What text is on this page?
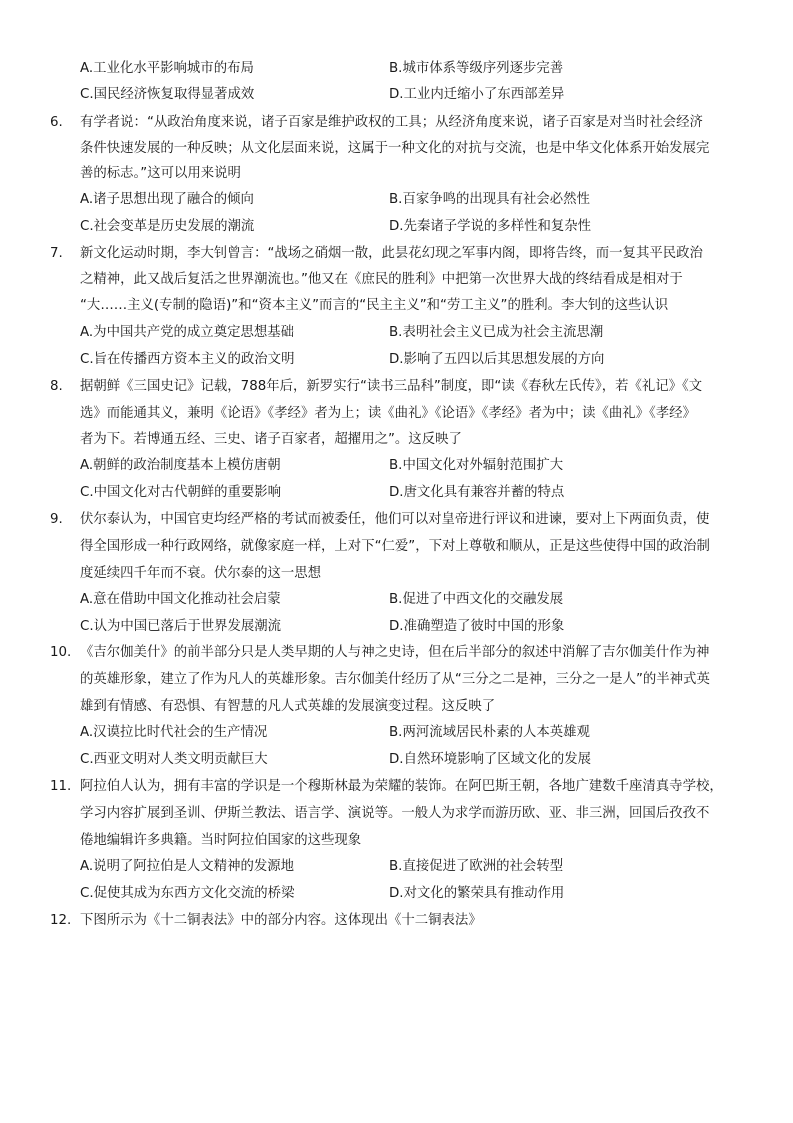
A.工业化水平影响城市的布局	B.城市体系等级序列逐步完善
C.国民经济恢复取得显著成效	D.工业内迁缩小了东西部差异
6. 有学者说：“从政治角度来说，诸子百家是维护政权的工具；从经济角度来说，诸子百家是对当时社会经济
条件快速发展的一种反映；从文化层面来说，这属于一种文化的对抗与交流，也是中华文化体系开始发展完
善的标志。”这可以用来说明
A.诸子思想出现了融合的倾向	B.百家争鸣的出现具有社会必然性
C.社会变革是历史发展的潮流	D.先秦诸子学说的多样性和复杂性
7. 新文化运动时期，李大钊曾言：“战场之硝烟一散，此昙花幻现之军事内阁，即将告终，而一复其平民政治
之精神，此又战后复活之世界潮流也。”他又在《庶民的胜利》中把第一次世界大战的终结看成是相对于
“大……主义(专制的隐语)”和“资本主义”而言的“民主主义”和“劳工主义”的胜利。李大钊的这些认识
A.为中国共产党的成立奠定思想基础	B.表明社会主义已成为社会主流思潮
C.旨在传播西方资本主义的政治文明	D.影响了五四以后其思想发展的方向
8. 据朝鲜《三国史记》记载，788年后，新罗实行“读书三品科”制度，即“读《春秋左氏传》，若《礼记》《文
选》而能通其义，兼明《论语》《孝经》者为上；读《曲礼》《论语》《孝经》者为中；读《曲礼》《孝经》
者为下。若博通五经、三史、诸子百家者，超擢用之”。这反映了
A.朝鲜的政治制度基本上模仿唐朝	B.中国文化对外辐射范围扩大
C.中国文化对古代朝鲜的重要影响	D.唐文化具有兼容并蓄的特点
9. 伏尔泰认为，中国官吏均经严格的考试而被委任，他们可以对皇帝进行评议和进谏，要对上下两面负责，使
得全国形成一种行政网络，就像家庭一样，上对下“仁爱”，下对上尊敬和顺从，正是这些使得中国的政治制
度延续四千年而不衰。伏尔泰的这一思想
A.意在借助中国文化推动社会启蒙	B.促进了中西文化的交融发展
C.认为中国已落后于世界发展潮流	D.准确塑造了彼时中国的形象
10. 《吉尔伽美什》的前半部分只是人类早期的人与神之史诗，但在后半部分的叙述中消解了吉尔伽美什作为神
的英雄形象，建立了作为凡人的英雄形象。吉尔伽美什经历了从“三分之二是神，三分之一是人”的半神式英
雄到有情感、有恐惧、有智慧的凡人式英雄的发展演变过程。这反映了
A.汉谟拉比时代社会的生产情况	B.两河流域居民朴素的人本英雄观
C.西亚文明对人类文明贡献巨大	D.自然环境影响了区域文化的发展
11. 阿拉伯人认为，拥有丰富的学识是一个穆斯林最为荣耀的装饰。在阿巴斯王朝，各地广建数千座清真寺学校，
学习内容扩展到圣训、伊斯兰教法、语言学、演说等。一般人为求学而游历欧、亚、非三洲，回国后孜孜不
倦地编辑许多典籍。当时阿拉伯国家的这些现象
A.说明了阿拉伯是人文精神的发源地	B.直接促进了欧洲的社会转型
C.促使其成为东西方文化交流的桥梁	D.对文化的繁荣具有推动作用
12. 下图所示为《十二铜表法》中的部分内容。这体现出《十二铜表法》
